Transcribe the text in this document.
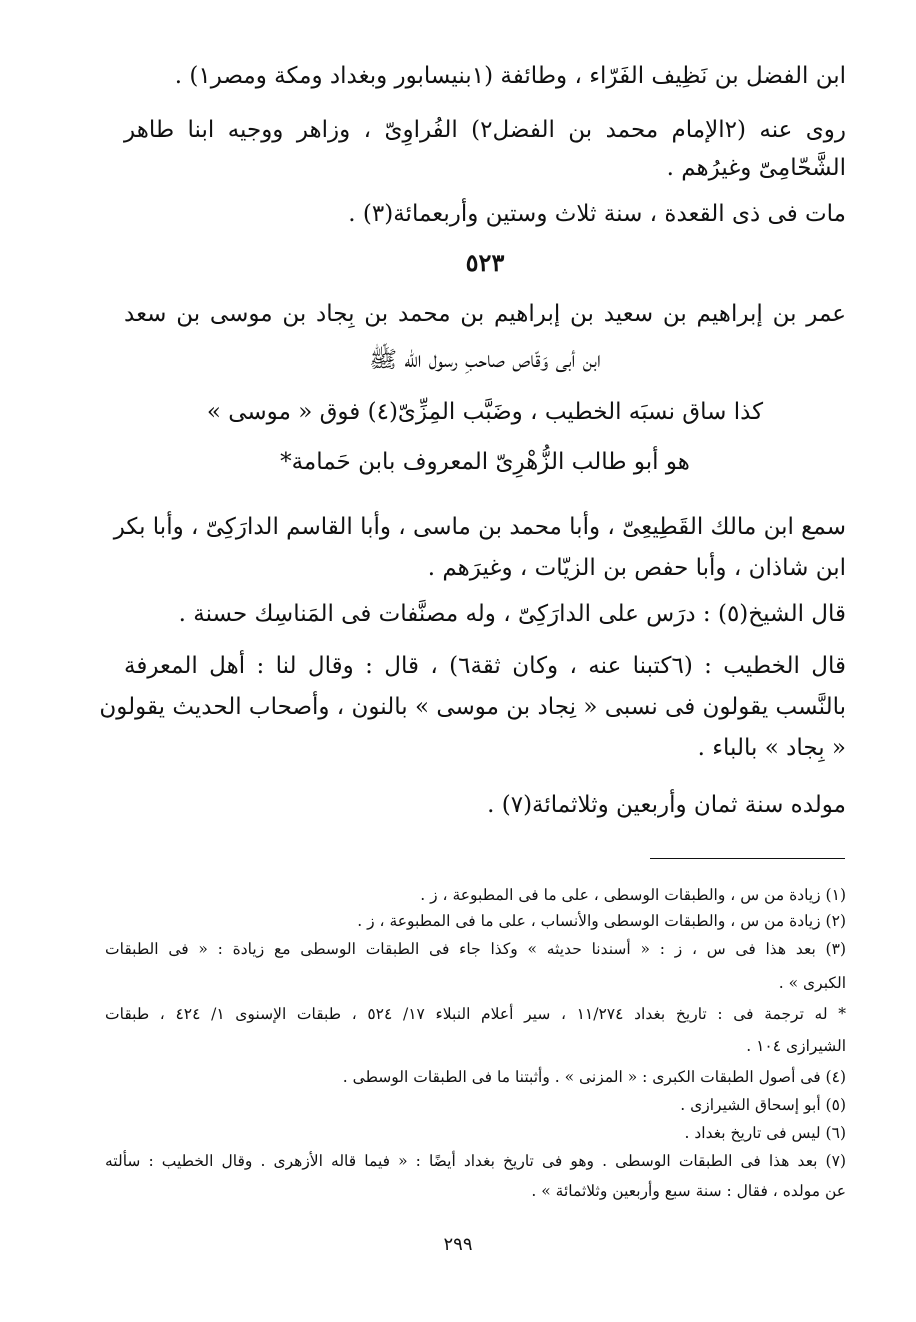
ابن الفضل بن نَظِيف الفَرّاء ، وطائفة (١بنيسابور وبغداد ومكة ومصر١) .
روى عنه (٢الإمام محمد بن الفضل٢) الفُراوِىّ ، وزاهر ووجيه ابنا طاهر
الشَّحّامِىّ وغيرُهم .
مات فى ذى القعدة ، سنة ثلاث وستين وأربعمائة(٣) .
٥٢٣
عمر بن إبراهيم بن سعيد بن إبراهيم بن محمد بن بِجاد بن موسى بن سعد
ابن أبى وَقّاص صاحبِ رسول الله ﷺ
كذا ساق نسبَه الخطيب ، وضَبَّب المِزِّىّ(٤) فوق « موسى »
هو أبو طالب الزُّهْرِىّ المعروف بابن حَمامة*
سمع ابن مالك القَطِيعِىّ ، وأبا محمد بن ماسى ، وأبا القاسم الدارَكِىّ ، وأبا بكر
ابن شاذان ، وأبا حفص بن الزيّات ، وغيرَهم .
قال الشيخ(٥) : درَس على الدارَكِىّ ، وله مصنَّفات فى المَناسِك حسنة .
قال الخطيب : (٦كتبنا عنه ، وكان ثقة٦) ، قال : وقال لنا : أهل المعرفة
بالنَّسب يقولون فى نسبى « نِجاد بن موسى » بالنون ، وأصحاب الحديث يقولون
« بِجاد » بالباء .
مولده سنة ثمان وأربعين وثلاثمائة(٧) .
(١) زيادة من س ، والطبقات الوسطى ، على ما فى المطبوعة ، ز .
(٢) زيادة من س ، والطبقات الوسطى والأنساب ، على ما فى المطبوعة ، ز .
(٣) بعد هذا فى س ، ز : « أسندنا حديثه » وكذا جاء فى الطبقات الوسطى مع زيادة : « فى الطبقات
الكبرى » .
* له ترجمة فى : تاريخ بغداد ١١/٢٧٤ ، سير أعلام النبلاء ١٧/ ٥٢٤ ، طبقات الإسنوى ١/ ٤٢٤ ، طبقات
الشيرازى ١٠٤ .
(٤) فى أصول الطبقات الكبرى : « المزنى » . وأثبتنا ما فى الطبقات الوسطى .
(٥) أبو إسحاق الشيرازى .
(٦) ليس فى تاريخ بغداد .
(٧) بعد هذا فى الطبقات الوسطى . وهو فى تاريخ بغداد أيضًا : « فيما قاله الأزهرى . وقال الخطيب : سألته
عن مولده ، فقال : سنة سبع وأربعين وثلاثمائة » .
٢٩٩
